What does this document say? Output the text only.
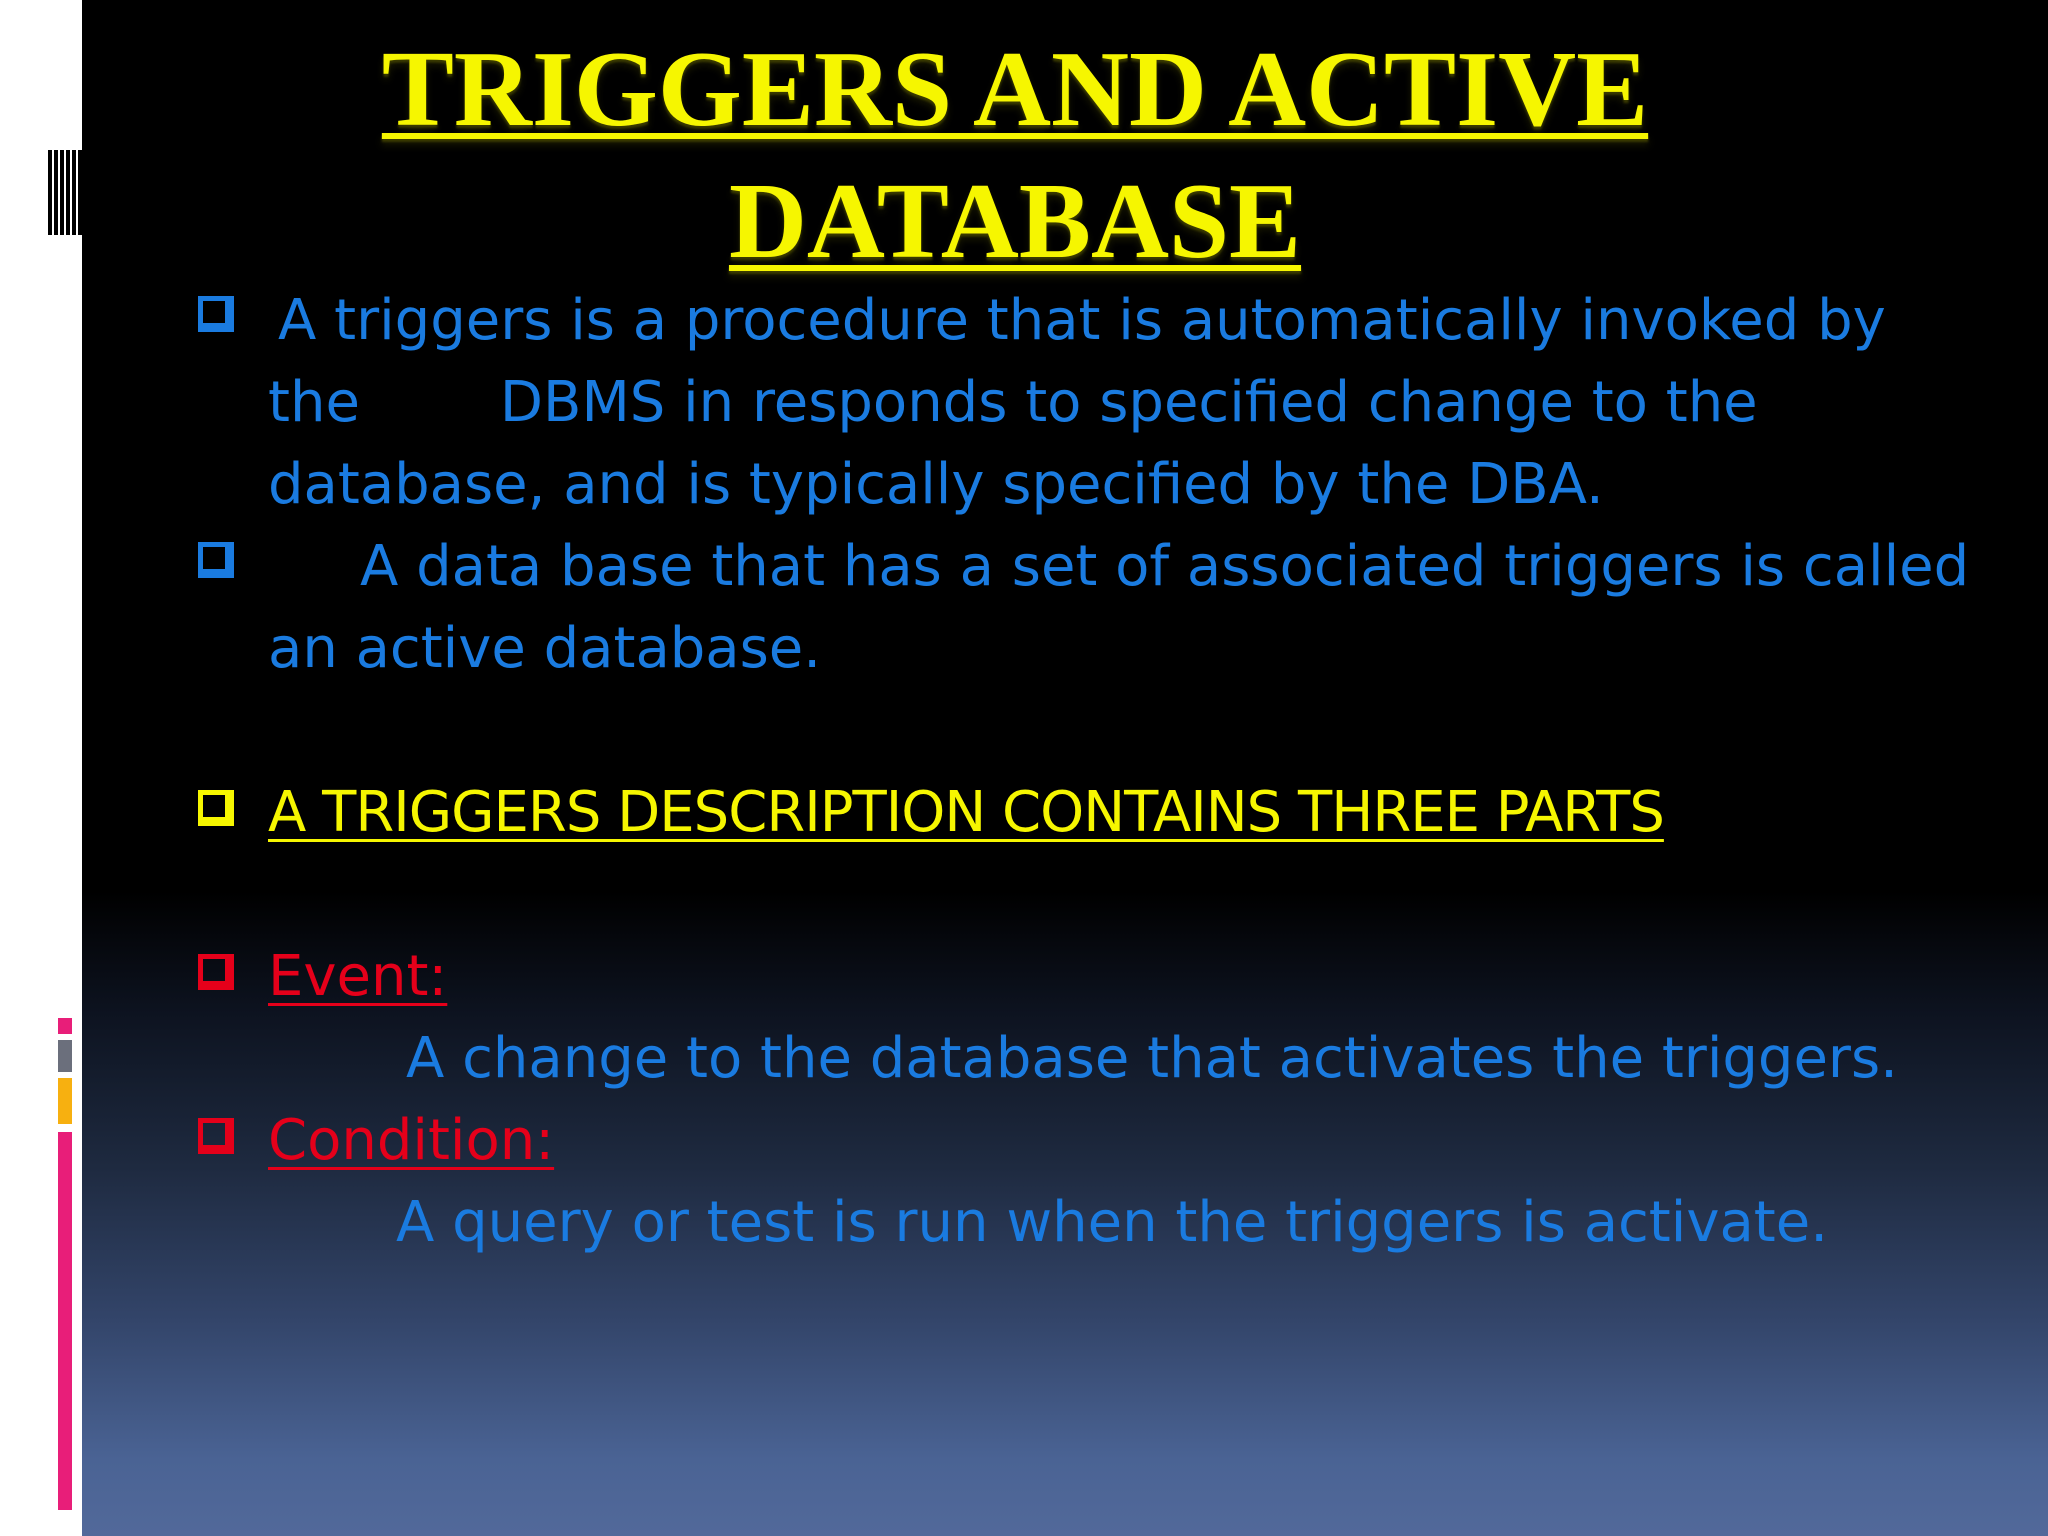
TRIGGERS AND ACTIVE
DATABASE
A triggers is a procedure that is automatically invoked by
the	DBMS in responds to specified change to the
database, and is typically specified by the DBA.
A data base that has a set of associated triggers is called
an active database.
A TRIGGERS DESCRIPTION CONTAINS THREE PARTS
Event:
A change to the database that activates the triggers.
Condition:
A query or test is run when the triggers is activate.
